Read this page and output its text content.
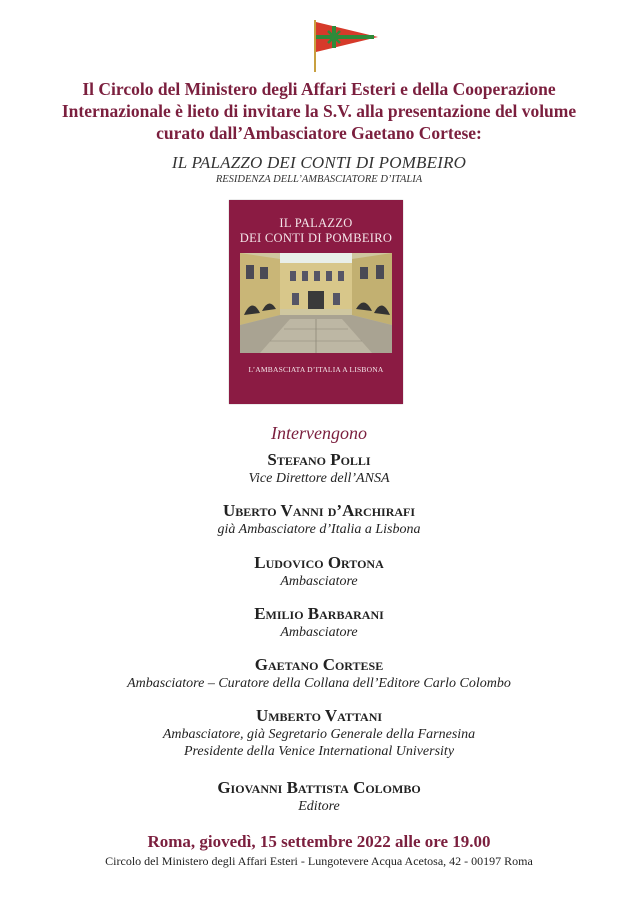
Il Circolo del Ministero degli Affari Esteri e della Cooperazione
Internazionale è lieto di invitare la S.V. alla presentazione del volume
curato dall’Ambasciatore Gaetano Cortese:
IL PALAZZO DEI CONTI DI POMBEIRO
RESIDENZA DELL’AMBASCIATORE D’ITALIA
IL PALAZZO
DEI CONTI DI POMBEIRO
L’AMBASCIATA D’ITALIA A LISBONA
Intervengono
Stefano Polli
Vice Direttore dell’ANSA
Uberto Vanni d’Archirafi
già Ambasciatore d’Italia a Lisbona
Ludovico Ortona
Ambasciatore
Emilio Barbarani
Ambasciatore
Gaetano Cortese
Ambasciatore – Curatore della Collana dell’Editore Carlo Colombo
Umberto Vattani
Ambasciatore, già Segretario Generale della Farnesina
Presidente della Venice International University
Giovanni Battista Colombo
Editore
Roma, giovedì, 15 settembre 2022 alle ore 19.00
Circolo del Ministero degli Affari Esteri - Lungotevere Acqua Acetosa, 42 - 00197 Roma
